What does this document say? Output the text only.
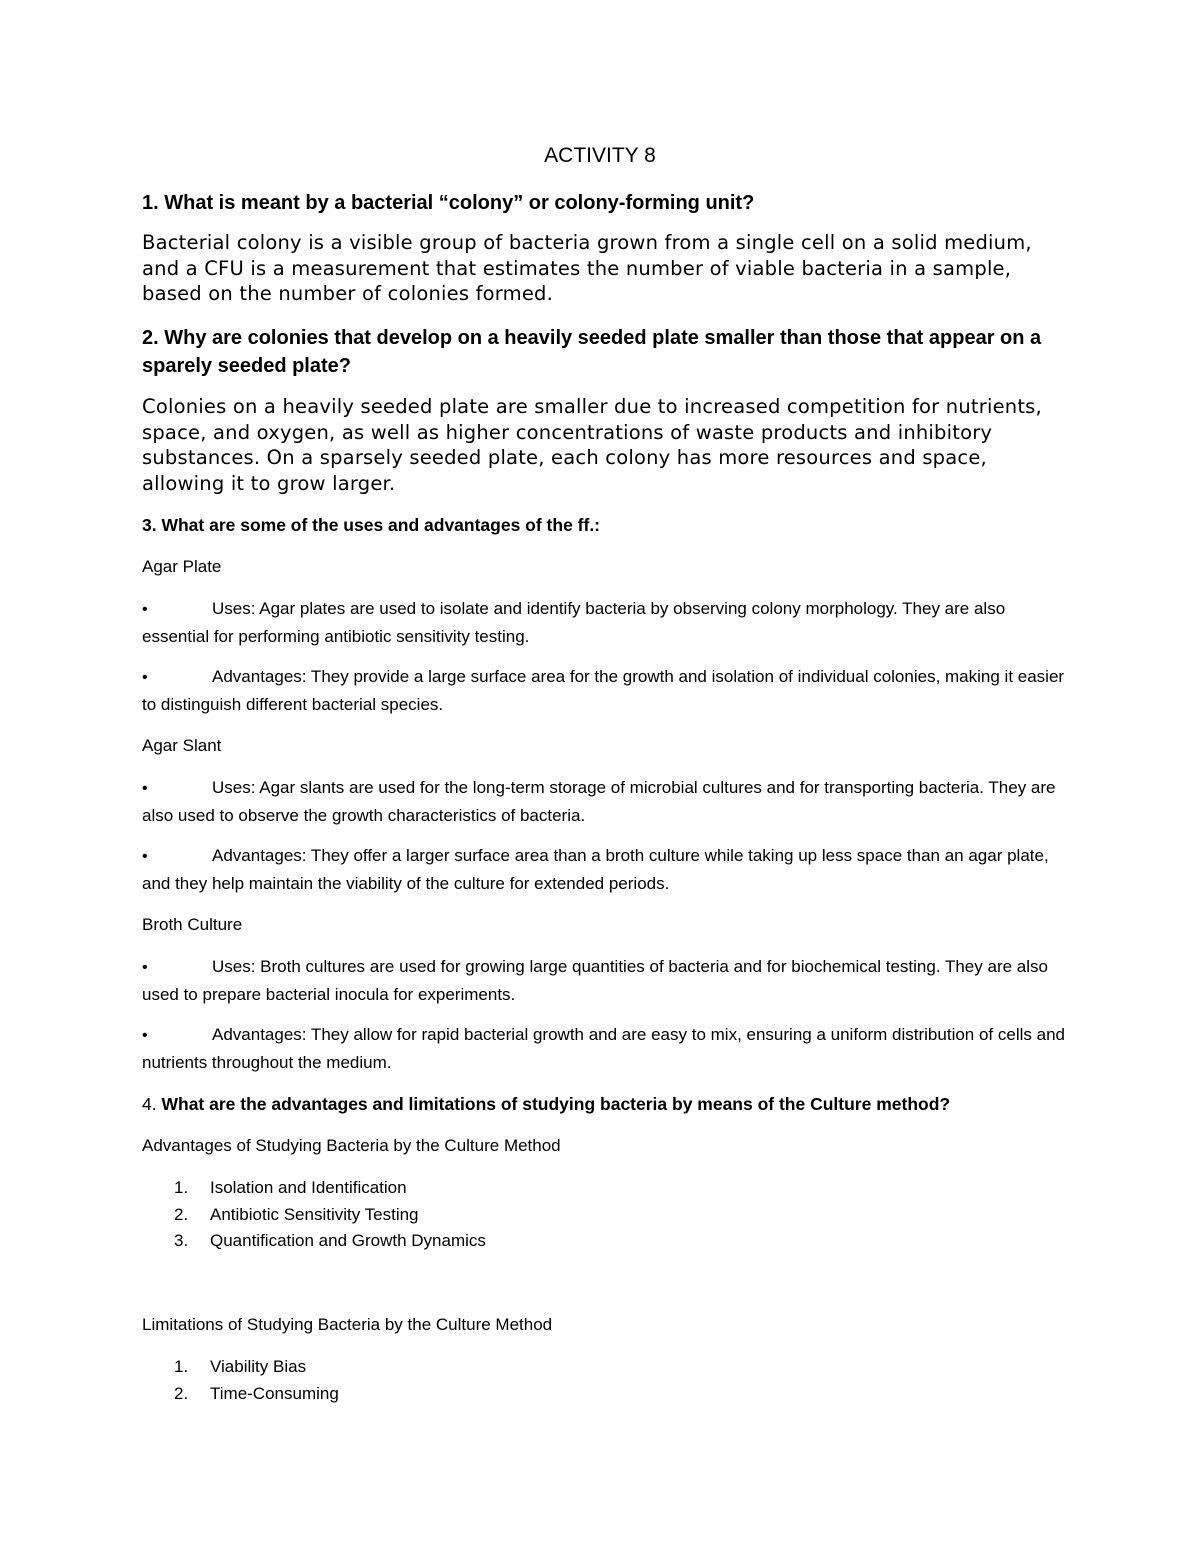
ACTIVITY 8
1. What is meant by a bacterial “colony” or colony-forming unit?
Bacterial colony is a visible group of bacteria grown from a single cell on a solid medium, and a CFU is a measurement that estimates the number of viable bacteria in a sample, based on the number of colonies formed.
2. Why are colonies that develop on a heavily seeded plate smaller than those that appear on a sparely seeded plate?
Colonies on a heavily seeded plate are smaller due to increased competition for nutrients, space, and oxygen, as well as higher concentrations of waste products and inhibitory substances. On a sparsely seeded plate, each colony has more resources and space, allowing it to grow larger.
3. What are some of the uses and advantages of the ff.:
Agar Plate
•	Uses: Agar plates are used to isolate and identify bacteria by observing colony morphology. They are also essential for performing antibiotic sensitivity testing.
•	Advantages: They provide a large surface area for the growth and isolation of individual colonies, making it easier to distinguish different bacterial species.
Agar Slant
•	Uses: Agar slants are used for the long-term storage of microbial cultures and for transporting bacteria. They are also used to observe the growth characteristics of bacteria.
•	Advantages: They offer a larger surface area than a broth culture while taking up less space than an agar plate, and they help maintain the viability of the culture for extended periods.
Broth Culture
•	Uses: Broth cultures are used for growing large quantities of bacteria and for biochemical testing. They are also used to prepare bacterial inocula for experiments.
•	Advantages: They allow for rapid bacterial growth and are easy to mix, ensuring a uniform distribution of cells and nutrients throughout the medium.
4. What are the advantages and limitations of studying bacteria by means of the Culture method?
Advantages of Studying Bacteria by the Culture Method
1. Isolation and Identification
2. Antibiotic Sensitivity Testing
3. Quantification and Growth Dynamics
Limitations of Studying Bacteria by the Culture Method
1. Viability Bias
2. Time-Consuming
